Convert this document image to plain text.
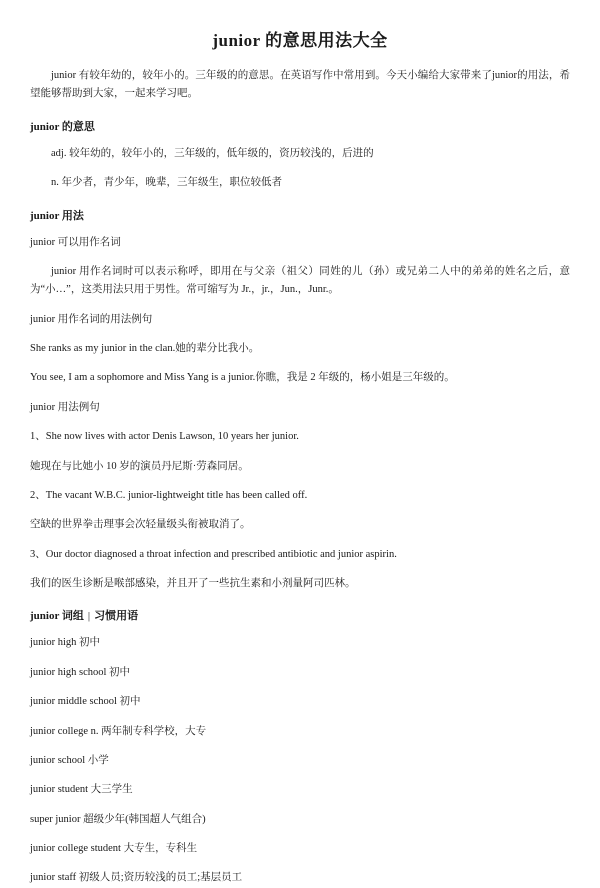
junior 的意思用法大全

junior 有较年幼的，较年小的。三年级的的意思。在英语写作中常用到。今天小编给大家带来了junior的用法，希望能够帮助到大家，一起来学习吧。

junior 的意思

adj. 较年幼的，较年小的，三年级的，低年级的，资历较浅的，后进的

n. 年少者，青少年，晚辈，三年级生，职位较低者

junior 用法

junior 可以用作名词

junior 用作名词时可以表示称呼，即用在与父亲（祖父）同姓的儿（孙）或兄弟二人中的弟弟的姓名之后，意为“小…”，这类用法只用于男性。常可缩写为 Jr.，jr.，Jun.，Junr.。

junior 用作名词的用法例句

She ranks as my junior in the clan.她的辈分比我小。

You see, I am a sophomore and Miss Yang is a junior.你瞧，我是 2 年级的，杨小姐是三年级的。

junior 用法例句

1、She now lives with actor Denis Lawson, 10 years her junior.

她现在与比她小 10 岁的演员丹尼斯·劳森同居。

2、The vacant W.B.C. junior-lightweight title has been called off.

空缺的世界拳击理事会次轻量级头衔被取消了。

3、Our doctor diagnosed a throat infection and prescribed antibiotic and junior aspirin.

我们的医生诊断是喉部感染，并且开了一些抗生素和小剂量阿司匹林。

junior 词组 | 习惯用语

junior high 初中

junior high school 初中

junior middle school 初中

junior college n. 两年制专科学校，大专

junior school 小学

junior student 大三学生

super junior 超级少年(韩国超人气组合)

junior college student 大专生，专科生

junior staff 初级人员;资历较浅的员工;基层员工
